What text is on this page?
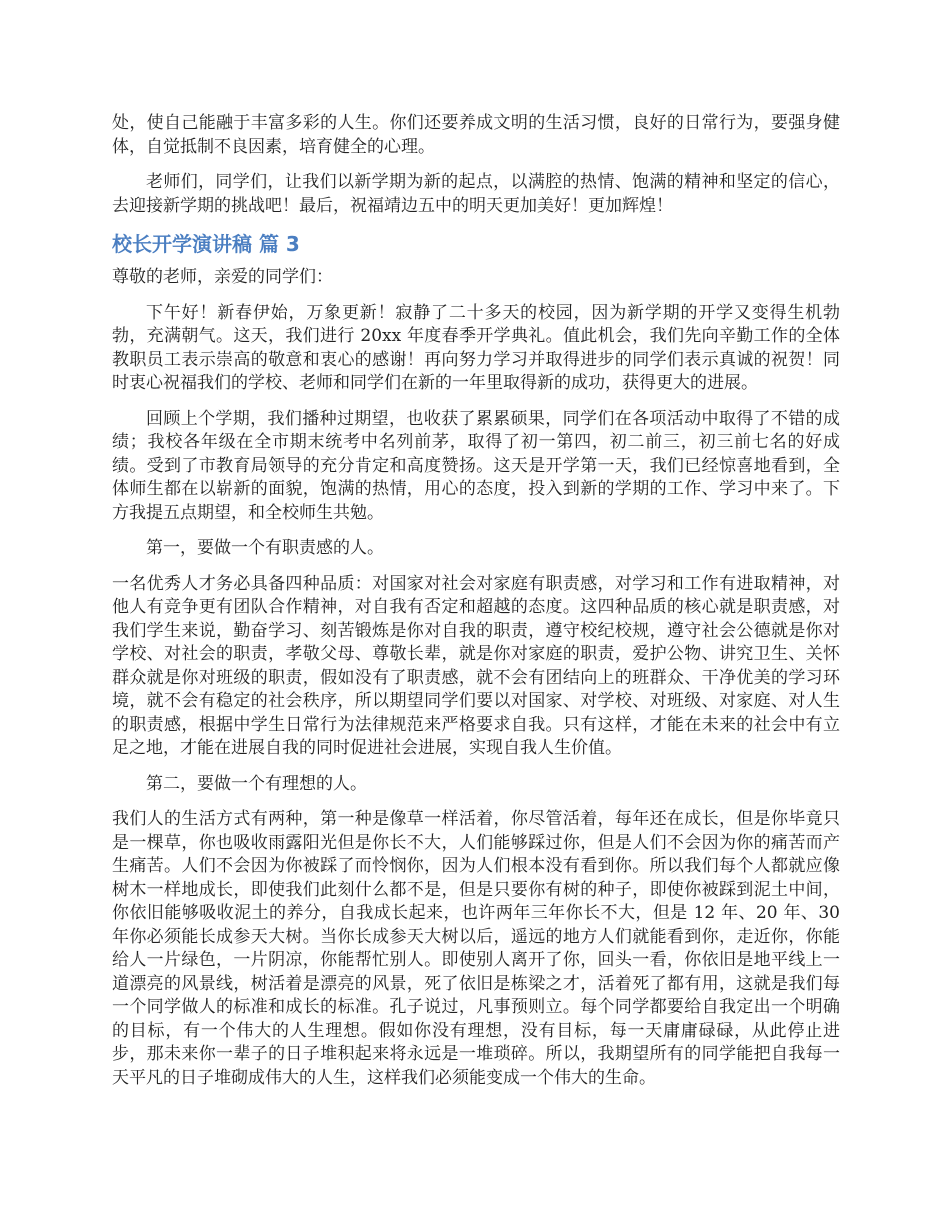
处，使自己能融于丰富多彩的人生。你们还要养成文明的生活习惯，良好的日常行为，要强身健体，自觉抵制不良因素，培育健全的心理。

老师们，同学们，让我们以新学期为新的起点，以满腔的热情、饱满的精神和坚定的信心，去迎接新学期的挑战吧！最后，祝福靖边五中的明天更加美好！更加辉煌！

校长开学演讲稿 篇 3

尊敬的老师，亲爱的同学们：

下午好！新春伊始，万象更新！寂静了二十多天的校园，因为新学期的开学又变得生机勃勃，充满朝气。这天，我们进行 20xx 年度春季开学典礼。值此机会，我们先向辛勤工作的全体教职员工表示崇高的敬意和衷心的感谢！再向努力学习并取得进步的同学们表示真诚的祝贺！同时衷心祝福我们的学校、老师和同学们在新的一年里取得新的成功，获得更大的进展。

回顾上个学期，我们播种过期望，也收获了累累硕果，同学们在各项活动中取得了不错的成绩；我校各年级在全市期末统考中名列前茅，取得了初一第四，初二前三，初三前七名的好成绩。受到了市教育局领导的充分肯定和高度赞扬。这天是开学第一天，我们已经惊喜地看到，全体师生都在以崭新的面貌，饱满的热情，用心的态度，投入到新的学期的工作、学习中来了。下方我提五点期望，和全校师生共勉。

第一，要做一个有职责感的人。

一名优秀人才务必具备四种品质：对国家对社会对家庭有职责感，对学习和工作有进取精神，对他人有竞争更有团队合作精神，对自我有否定和超越的态度。这四种品质的核心就是职责感，对我们学生来说，勤奋学习、刻苦锻炼是你对自我的职责，遵守校纪校规，遵守社会公德就是你对学校、对社会的职责，孝敬父母、尊敬长辈，就是你对家庭的职责，爱护公物、讲究卫生、关怀群众就是你对班级的职责，假如没有了职责感，就不会有团结向上的班群众、干净优美的学习环境，就不会有稳定的社会秩序，所以期望同学们要以对国家、对学校、对班级、对家庭、对人生的职责感，根据中学生日常行为法律规范来严格要求自我。只有这样，才能在未来的社会中有立足之地，才能在进展自我的同时促进社会进展，实现自我人生价值。

第二，要做一个有理想的人。

我们人的生活方式有两种，第一种是像草一样活着，你尽管活着，每年还在成长，但是你毕竟只是一棵草，你也吸收雨露阳光但是你长不大，人们能够踩过你，但是人们不会因为你的痛苦而产生痛苦。人们不会因为你被踩了而怜悯你，因为人们根本没有看到你。所以我们每个人都就应像树木一样地成长，即使我们此刻什么都不是，但是只要你有树的种子，即使你被踩到泥土中间，你依旧能够吸收泥土的养分，自我成长起来，也许两年三年你长不大，但是 12 年、20 年、30 年你必须能长成参天大树。当你长成参天大树以后，遥远的地方人们就能看到你，走近你，你能给人一片绿色，一片阴凉，你能帮忙别人。即使别人离开了你，回头一看，你依旧是地平线上一道漂亮的风景线，树活着是漂亮的风景，死了依旧是栋梁之才，活着死了都有用，这就是我们每一个同学做人的标准和成长的标准。孔子说过，凡事预则立。每个同学都要给自我定出一个明确的目标，有一个伟大的人生理想。假如你没有理想，没有目标，每一天庸庸碌碌，从此停止进步，那未来你一辈子的日子堆积起来将永远是一堆琐碎。所以，我期望所有的同学能把自我每一天平凡的日子堆砌成伟大的人生，这样我们必须能变成一个伟大的生命。
